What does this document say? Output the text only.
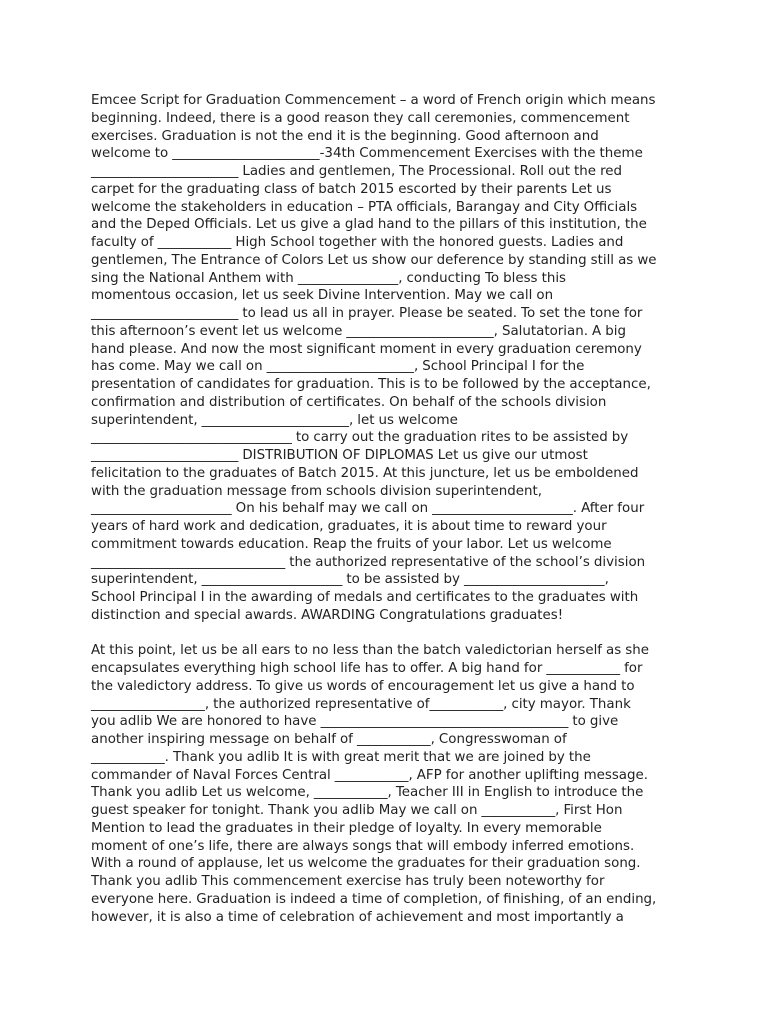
Emcee Script for Graduation Commencement – a word of French origin which means
beginning. Indeed, there is a good reason they call ceremonies, commencement
exercises. Graduation is not the end it is the beginning. Good afternoon and
welcome to ______________________-34th Commencement Exercises with the theme
______________________ Ladies and gentlemen, The Processional. Roll out the red
carpet for the graduating class of batch 2015 escorted by their parents Let us
welcome the stakeholders in education – PTA officials, Barangay and City Officials
and the Deped Officials. Let us give a glad hand to the pillars of this institution, the
faculty of ___________ High School together with the honored guests. Ladies and
gentlemen, The Entrance of Colors Let us show our deference by standing still as we
sing the National Anthem with _______________, conducting To bless this
momentous occasion, let us seek Divine Intervention. May we call on
______________________ to lead us all in prayer. Please be seated. To set the tone for
this afternoon’s event let us welcome ______________________, Salutatorian. A big
hand please. And now the most significant moment in every graduation ceremony
has come. May we call on ______________________, School Principal I for the
presentation of candidates for graduation. This is to be followed by the acceptance,
confirmation and distribution of certificates. On behalf of the schools division
superintendent, ______________________, let us welcome
______________________________ to carry out the graduation rites to be assisted by
______________________ DISTRIBUTION OF DIPLOMAS Let us give our utmost
felicitation to the graduates of Batch 2015. At this juncture, let us be emboldened
with the graduation message from schools division superintendent,
_____________________ On his behalf may we call on _____________________. After four
years of hard work and dedication, graduates, it is about time to reward your
commitment towards education. Reap the fruits of your labor. Let us welcome
_____________________________ the authorized representative of the school’s division
superintendent, _____________________ to be assisted by _____________________,
School Principal I in the awarding of medals and certificates to the graduates with
distinction and special awards. AWARDING Congratulations graduates!

At this point, let us be all ears to no less than the batch valedictorian herself as she
encapsulates everything high school life has to offer. A big hand for ___________ for
the valedictory address. To give us words of encouragement let us give a hand to
_________________, the authorized representative of___________, city mayor. Thank
you adlib We are honored to have _____________________________________ to give
another inspiring message on behalf of ___________, Congresswoman of
___________. Thank you adlib It is with great merit that we are joined by the
commander of Naval Forces Central ___________, AFP for another uplifting message.
Thank you adlib Let us welcome, ___________, Teacher III in English to introduce the
guest speaker for tonight. Thank you adlib May we call on ___________, First Hon
Mention to lead the graduates in their pledge of loyalty. In every memorable
moment of one’s life, there are always songs that will embody inferred emotions.
With a round of applause, let us welcome the graduates for their graduation song.
Thank you adlib This commencement exercise has truly been noteworthy for
everyone here. Graduation is indeed a time of completion, of finishing, of an ending,
however, it is also a time of celebration of achievement and most importantly a
